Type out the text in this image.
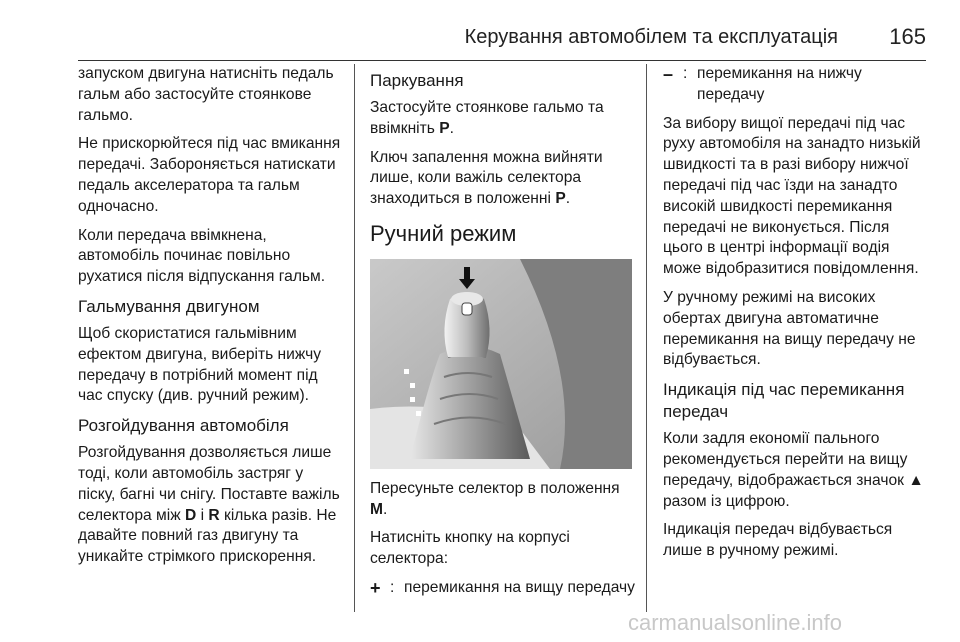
Керування автомобілем та експлуатація 165

запуском двигуна натисніть педаль гальм або застосуйте стоянкове гальмо.

Не прискорюйтеся під час вмикання передачі. Забороняється натискати педаль акселератора та гальм одночасно.

Коли передача ввімкнена, автомобіль починає повільно рухатися після відпускання гальм.

Гальмування двигуном

Щоб скористатися гальмівним ефектом двигуна, виберіть нижчу передачу в потрібний момент під час спуску (див. ручний режим).

Розгойдування автомобіля

Розгойдування дозволяється лише тоді, коли автомобіль застряг у піску, багні чи снігу. Поставте важіль селектора між D і R кілька разів. Не давайте повний газ двигуну та уникайте стрімкого прискорення.

Паркування

Застосуйте стоянкове гальмо та ввімкніть P.

Ключ запалення можна вийняти лише, коли важіль селектора знаходиться в положенні P.

Ручний режим

Пересуньте селектор в положення M.

Натисніть кнопку на корпусі селектора:

+ : перемикання на вищу передачу
– : перемикання на нижчу передачу

За вибору вищої передачі під час руху автомобіля на занадто низькій швидкості та в разі вибору нижчої передачі під час їзди на занадто високій швидкості перемикання передачі не виконується. Після цього в центрі інформації водія може відобразитися повідомлення.

У ручному режимі на високих обертах двигуна автоматичне перемикання на вищу передачу не відбувається.

Індикація під час перемикання передач

Коли задля економії пального рекомендується перейти на вищу передачу, відображається значок ▲ разом із цифрою.

Індикація передач відбувається лише в ручному режимі.

carmanualsonline.info
